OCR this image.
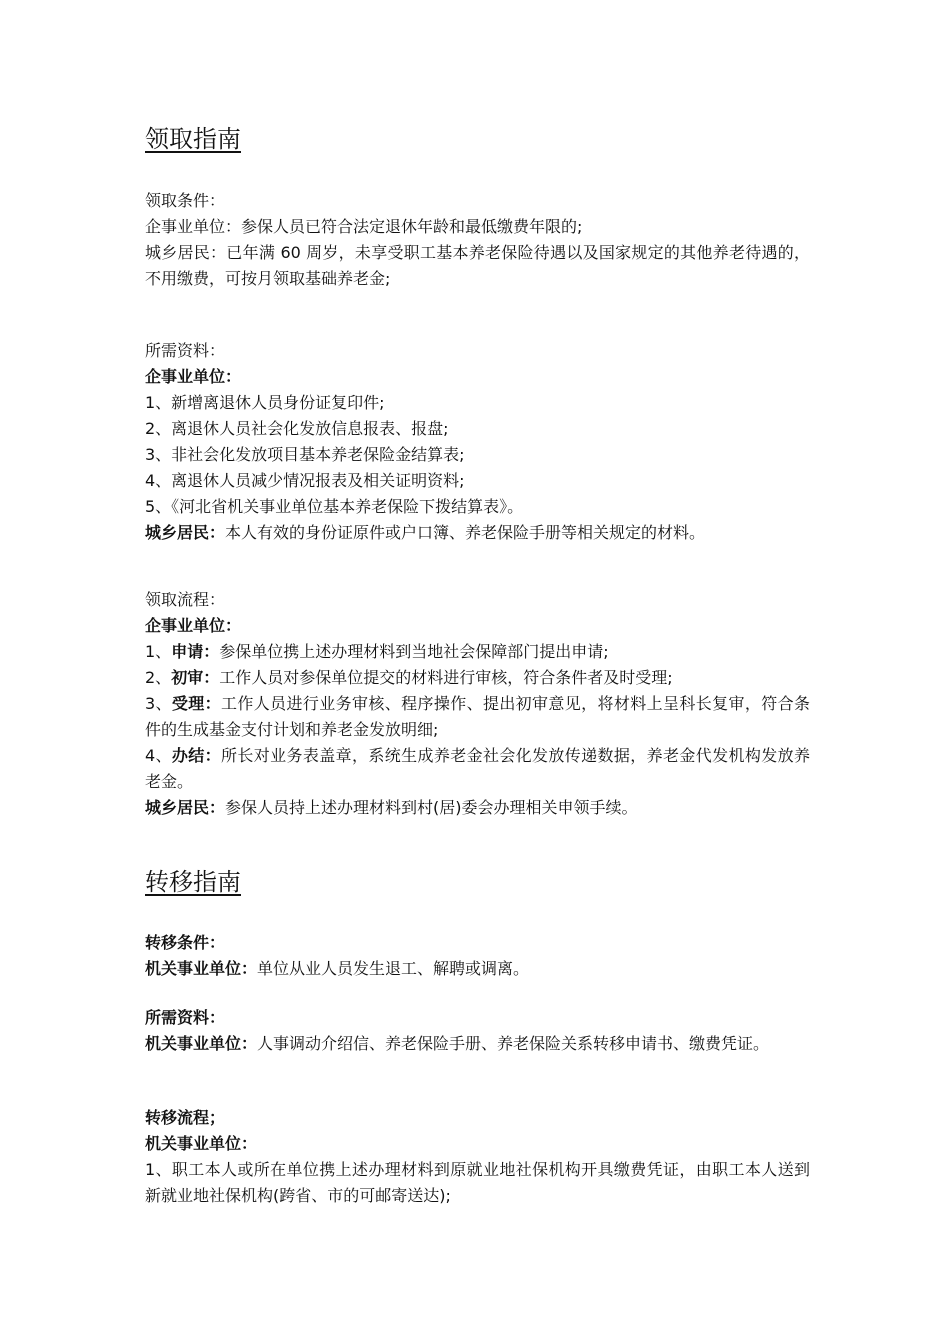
领取指南
领取条件：
企事业单位：参保人员已符合法定退休年龄和最低缴费年限的;
城乡居民：已年满 60 周岁，未享受职工基本养老保险待遇以及国家规定的其他养老待遇的，不用缴费，可按月领取基础养老金;
所需资料：
企事业单位：
1、新增离退休人员身份证复印件;
2、离退休人员社会化发放信息报表、报盘;
3、非社会化发放项目基本养老保险金结算表;
4、离退休人员减少情况报表及相关证明资料;
5、《河北省机关事业单位基本养老保险下拨结算表》。
城乡居民：本人有效的身份证原件或户口簿、养老保险手册等相关规定的材料。
领取流程：
企事业单位：
1、申请：参保单位携上述办理材料到当地社会保障部门提出申请;
2、初审：工作人员对参保单位提交的材料进行审核，符合条件者及时受理;
3、受理：工作人员进行业务审核、程序操作、提出初审意见，将材料上呈科长复审，符合条件的生成基金支付计划和养老金发放明细;
4、办结：所长对业务表盖章，系统生成养老金社会化发放传递数据，养老金代发机构发放养老金。
城乡居民：参保人员持上述办理材料到村(居)委会办理相关申领手续。
转移指南
转移条件：
机关事业单位：单位从业人员发生退工、解聘或调离。
所需资料：
机关事业单位：人事调动介绍信、养老保险手册、养老保险关系转移申请书、缴费凭证。
转移流程；
机关事业单位：
1、职工本人或所在单位携上述办理材料到原就业地社保机构开具缴费凭证，由职工本人送到新就业地社保机构(跨省、市的可邮寄送达);
